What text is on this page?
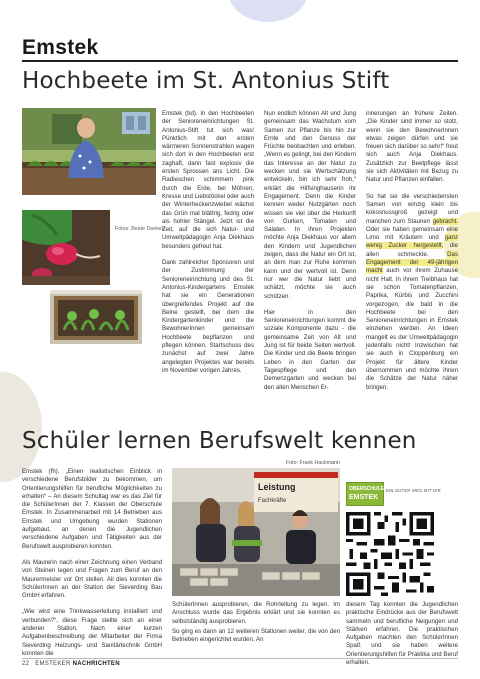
Emstek
Hochbeete im St. Antonius Stift
Fotos: Beate Deeken

Emstek (bd). In den Hochbeeten der Senioreneinrichtungen St. Antonius-Stift tut sich was! Pünktlich mit den ersten wärmeren Sonnenstrahlen wagen sich dort in den Hochbeeten erst zaghaft, dann fast explosiv die ersten Sprossen ans Licht. Die Radieschen schimmern pink durch die Erde, bei Möhren, Kresse und Liebstöckel oder auch der Winterheckenzwiebel wächst das Grün mal blättrig, fedrig oder als hohler Stängel. Jetzt ist die Zeit, auf die sich Natur- und Umweltpädagogin Anja Diekhaus besonders gefreut hat.

Dank zahlreicher Sponsoren und der Zustimmung der Senioreneinrichtung und des St. Antonius-Kindergartens Emstek hat sie ein Generationen übergreifendes Projekt auf die Beine gestellt, bei dem die Kindergartenkinder und die BewohnerInnen gemeinsam Hochbeete bepflanzen und pflegen können. Startschuss des zunächst auf zwei Jahre angelegten Projektes war bereits im November vorigen Jahres.

Nun endlich können Alt und Jung gemeinsam das Wachstum vom Samen zur Pflanze bis hin zur Ernte und den Genuss der Früchte beobachten und erleben. „Wenn es gelingt, bei den Kindern das Interesse an der Natur zu wecken und sie Wertschätzung entwickeln, bin ich sehr froh,“ erklärt die Hilfsinghauserin ihr Engagement. Denn die Kinder kennen weder Nutzgärten noch wissen sie viel über die Herkunft von Gurken, Tomaten und Salaten. In ihren Projekten möchte Anja Diekhaus vor allem den Kindern und Jugendlichen zeigen, dass die Natur ein Ort ist, an dem man zur Ruhe kommen kann und der wertvoll ist. Denn nur wer die Natur liebt und schätzt, möchte sie auch schützen.

Hier in den Senioreneinrichtungen kommt die soziale Komponente dazu - die gemeinsame Zeit von Alt und Jung ist für beide Seiten wertvoll. Die Kinder und die Beete bringen Leben in den Garten der Tagespflege und den Demenzgarten und wecken bei den alten Menschen Er-

innerungen an frühere Zeiten. „Die Kinder sind immer so stolz, wenn sie den BewohnerInnen etwas zeigen dürfen und sie freuen sich darüber so sehr!“ freut sich auch Anja Diekhaus. Zusätzlich zur Beetpflege lässt sie sich Aktivitäten mit Bezug zu Natur und Pflanzen einfallen.

So hat sie die verschiedensten Samen von winzig klein bis kokosnussgroß gezeigt und manchen zum Staunen gebracht. Oder sie haben gemeinsam eine Limo mit Kräutern und ganz wenig Zucker hergestellt, die allen schmeckte. Das Engagement der 49-jährigen macht auch vor ihrem Zuhause nicht Halt. In ihrem Treibhaus hat sie schon Tomatenpflanzen, Paprika, Kürbis und Zucchini vorgezogen, die bald in die Hochbeete bei den Senioreneinrichtungen in Emstek einziehen werden. An Ideen mangelt es der Umweltpädagogin jedenfalls nicht! Inzwischen hat sie auch in Cloppenburg ein Projekt für ältere Kinder übernommen und möchte ihnen die Schätze der Natur näher bringen.

Schüler lernen Berufswelt kennen
Foto: Frank Hackmann

Emstek (fh). „Einen realistischen Einblick in verschiedene Berufsbilder zu bekommen, um Orientierungshilfen für berufliche Möglichkeiten zu erhalten“ – An diesem Schultag war es das Ziel für die SchülerInnen der 7. Klassen der Oberschule Emstek. In Zusammenarbeit mit 14 Betrieben aus Emstek und Umgebung wurden Stationen aufgebaut, an denen die Jugendlichen verschiedene Aufgaben und Tätigkeiten aus der Berufswelt ausprobieren konnten.

Als Maurerin nach einer Zeichnung einen Verband von Steinen legen und Fragen zum Beruf an den Maurermeister vor Ort stellen. All dies konnten die SchülerInnen an der Station der Sieverding Bau GmbH erfahren.

„Wie wird eine Trinkwasserleitung installiert und verbunden?“, diese Frage stellte sich an einer anderen Station. Nach einer kurzen Aufgabenbeschreibung der Mitarbeiter der Firma Sieverding Heizungs- und Sanitärtechnik GmbH konnten die

Leistung
Fachkräfte

SchülerInnen ausprobieren, die Rohrleitung zu legen. Im Anschluss wurde das Ergebnis erklärt und sie konnten es selbstständig ausprobieren.

So ging es dann an 12 weiteren Stationen weiter, die von den Betrieben eingerichtet wurden. An

OBERSCHULE
EMSTEK
EIN GUTER WEG MIT DIR

diesem Tag konnten die Jugendlichen praktische Eindrücke aus der Berufswelt sammeln und berufliche Neigungen und Stärken erfahren. Die praktischen Aufgaben machten den SchülerInnen Spaß und sie haben weitere Orientierungshilfen für Praktika und Beruf erhalten.

22 EMSTEKER NACHRICHTEN
